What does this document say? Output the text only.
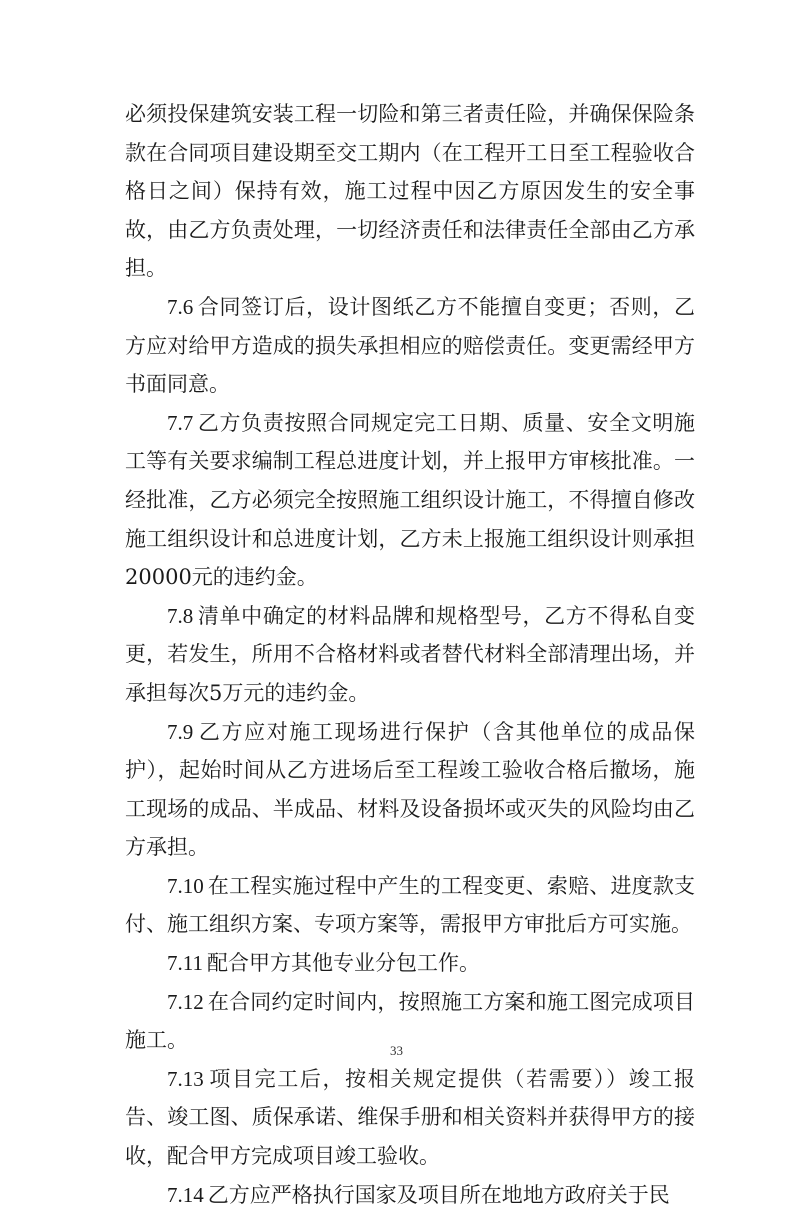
必须投保建筑安装工程一切险和第三者责任险，并确保保险条款在合同项目建设期至交工期内（在工程开工日至工程验收合格日之间）保持有效，施工过程中因乙方原因发生的安全事故，由乙方负责处理，一切经济责任和法律责任全部由乙方承担。

7.6 合同签订后，设计图纸乙方不能擅自变更；否则，乙方应对给甲方造成的损失承担相应的赔偿责任。变更需经甲方书面同意。

7.7 乙方负责按照合同规定完工日期、质量、安全文明施工等有关要求编制工程总进度计划，并上报甲方审核批准。一经批准，乙方必须完全按照施工组织设计施工，不得擅自修改施工组织设计和总进度计划，乙方未上报施工组织设计则承担20000元的违约金。

7.8 清单中确定的材料品牌和规格型号，乙方不得私自变更，若发生，所用不合格材料或者替代材料全部清理出场，并承担每次5万元的违约金。

7.9 乙方应对施工现场进行保护（含其他单位的成品保护），起始时间从乙方进场后至工程竣工验收合格后撤场，施工现场的成品、半成品、材料及设备损坏或灭失的风险均由乙方承担。

7.10 在工程实施过程中产生的工程变更、索赔、进度款支付、施工组织方案、专项方案等，需报甲方审批后方可实施。

7.11 配合甲方其他专业分包工作。

7.12 在合同约定时间内，按照施工方案和施工图完成项目施工。

7.13 项目完工后，按相关规定提供（若需要））竣工报告、竣工图、质保承诺、维保手册和相关资料并获得甲方的接收，配合甲方完成项目竣工验收。

7.14 乙方应严格执行国家及项目所在地地方政府关于民

33
